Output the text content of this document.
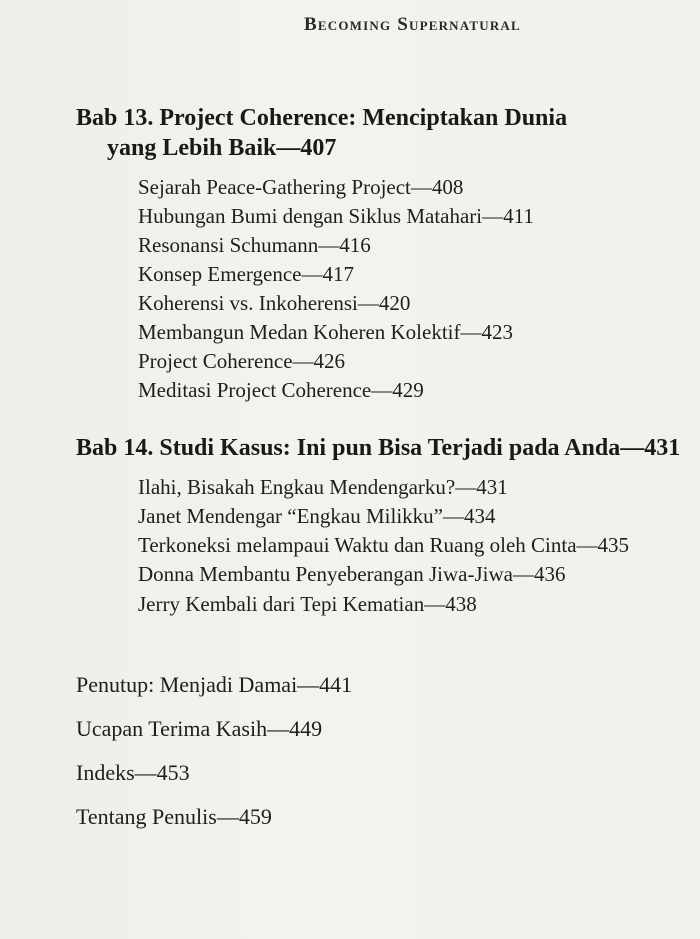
Becoming Supernatural
Bab 13. Project Coherence: Menciptakan Dunia
yang Lebih Baik—407
Sejarah Peace-Gathering Project—408
Hubungan Bumi dengan Siklus Matahari—411
Resonansi Schumann—416
Konsep Emergence—417
Koherensi vs. Inkoherensi—420
Membangun Medan Koheren Kolektif—423
Project Coherence—426
Meditasi Project Coherence—429
Bab 14. Studi Kasus: Ini pun Bisa Terjadi pada Anda—431
Ilahi, Bisakah Engkau Mendengarku?—431
Janet Mendengar “Engkau Milikku”—434
Terkoneksi melampaui Waktu dan Ruang oleh Cinta—435
Donna Membantu Penyeberangan Jiwa-Jiwa—436
Jerry Kembali dari Tepi Kematian—438
Penutup: Menjadi Damai—441
Ucapan Terima Kasih—449
Indeks—453
Tentang Penulis—459
